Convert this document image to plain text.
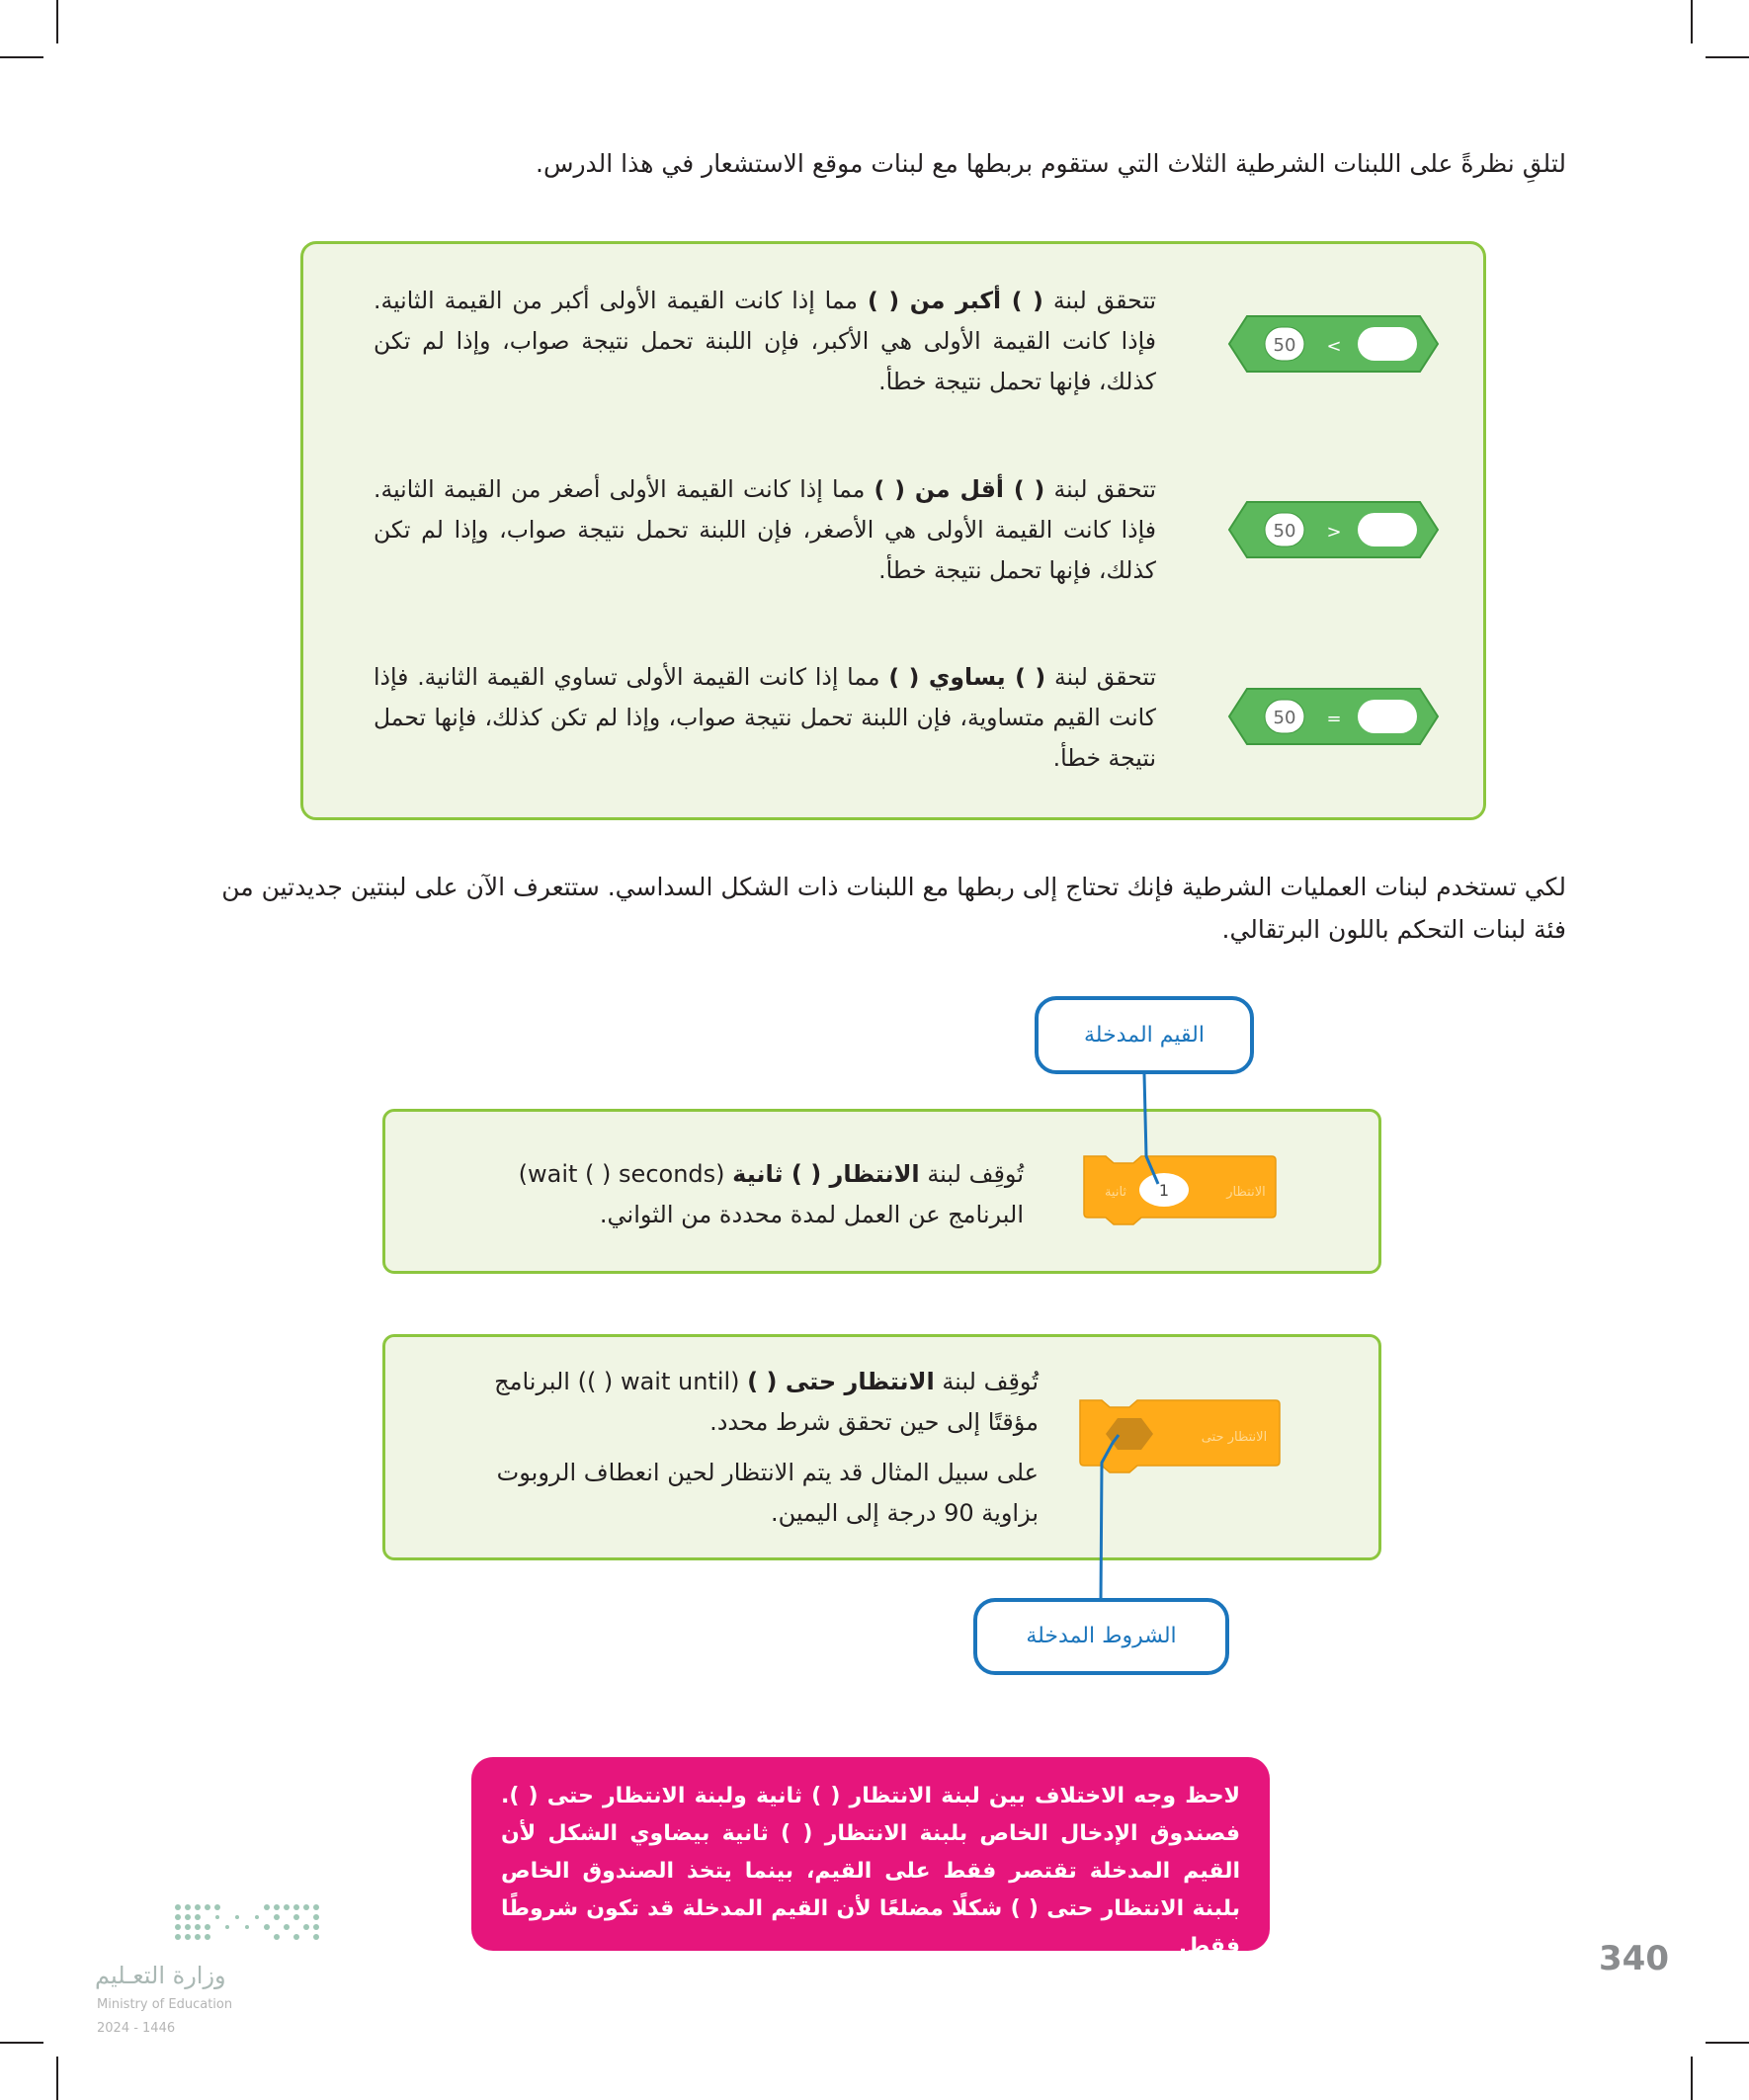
لتلقِ نظرةً على اللبنات الشرطية الثلاث التي ستقوم بربطها مع لبنات موقع الاستشعار في هذا الدرس.
50 <
تتحقق لبنة ( ) أكبر من ( ) مما إذا كانت القيمة الأولى أكبر من القيمة الثانية. فإذا كانت القيمة الأولى هي الأكبر، فإن اللبنة تحمل نتيجة صواب، وإذا لم تكن كذلك، فإنها تحمل نتيجة خطأ.
50 >
تتحقق لبنة ( ) أقل من ( ) مما إذا كانت القيمة الأولى أصغر من القيمة الثانية. فإذا كانت القيمة الأولى هي الأصغر، فإن اللبنة تحمل نتيجة صواب، وإذا لم تكن كذلك، فإنها تحمل نتيجة خطأ.
50 =
تتحقق لبنة ( ) يساوي ( ) مما إذا كانت القيمة الأولى تساوي القيمة الثانية. فإذا كانت القيم متساوية، فإن اللبنة تحمل نتيجة صواب، وإذا لم تكن كذلك، فإنها تحمل نتيجة خطأ.
لكي تستخدم لبنات العمليات الشرطية فإنك تحتاج إلى ربطها مع اللبنات ذات الشكل السداسي. ستتعرف الآن على لبنتين جديدتين من فئة لبنات التحكم باللون البرتقالي.
القيم المدخلة
الانتظار
1
ثانية
تُوقِف لبنة الانتظار ( ) ثانية (wait ( ) seconds)
البرنامج عن العمل لمدة محددة من الثواني.
الانتظار حتى
تُوقِف لبنة الانتظار حتى ( ) (wait until ( )) البرنامج
مؤقتًا إلى حين تحقق شرط محدد.
على سبيل المثال قد يتم الانتظار لحين انعطاف الروبوت
بزاوية 90 درجة إلى اليمين.
الشروط المدخلة
لاحظ وجه الاختلاف بين لبنة الانتظار ( ) ثانية ولبنة الانتظار حتى ( ). فصندوق الإدخال الخاص بلبنة الانتظار ( ) ثانية بيضاوي الشكل لأن القيم المدخلة تقتصر فقط على القيم، بينما يتخذ الصندوق الخاص بلبنة الانتظار حتى ( ) شكلًا مضلعًا لأن القيم المدخلة قد تكون شروطًا فقط.	340
وزارة التعـليم
Ministry of Education
2024 - 1446
